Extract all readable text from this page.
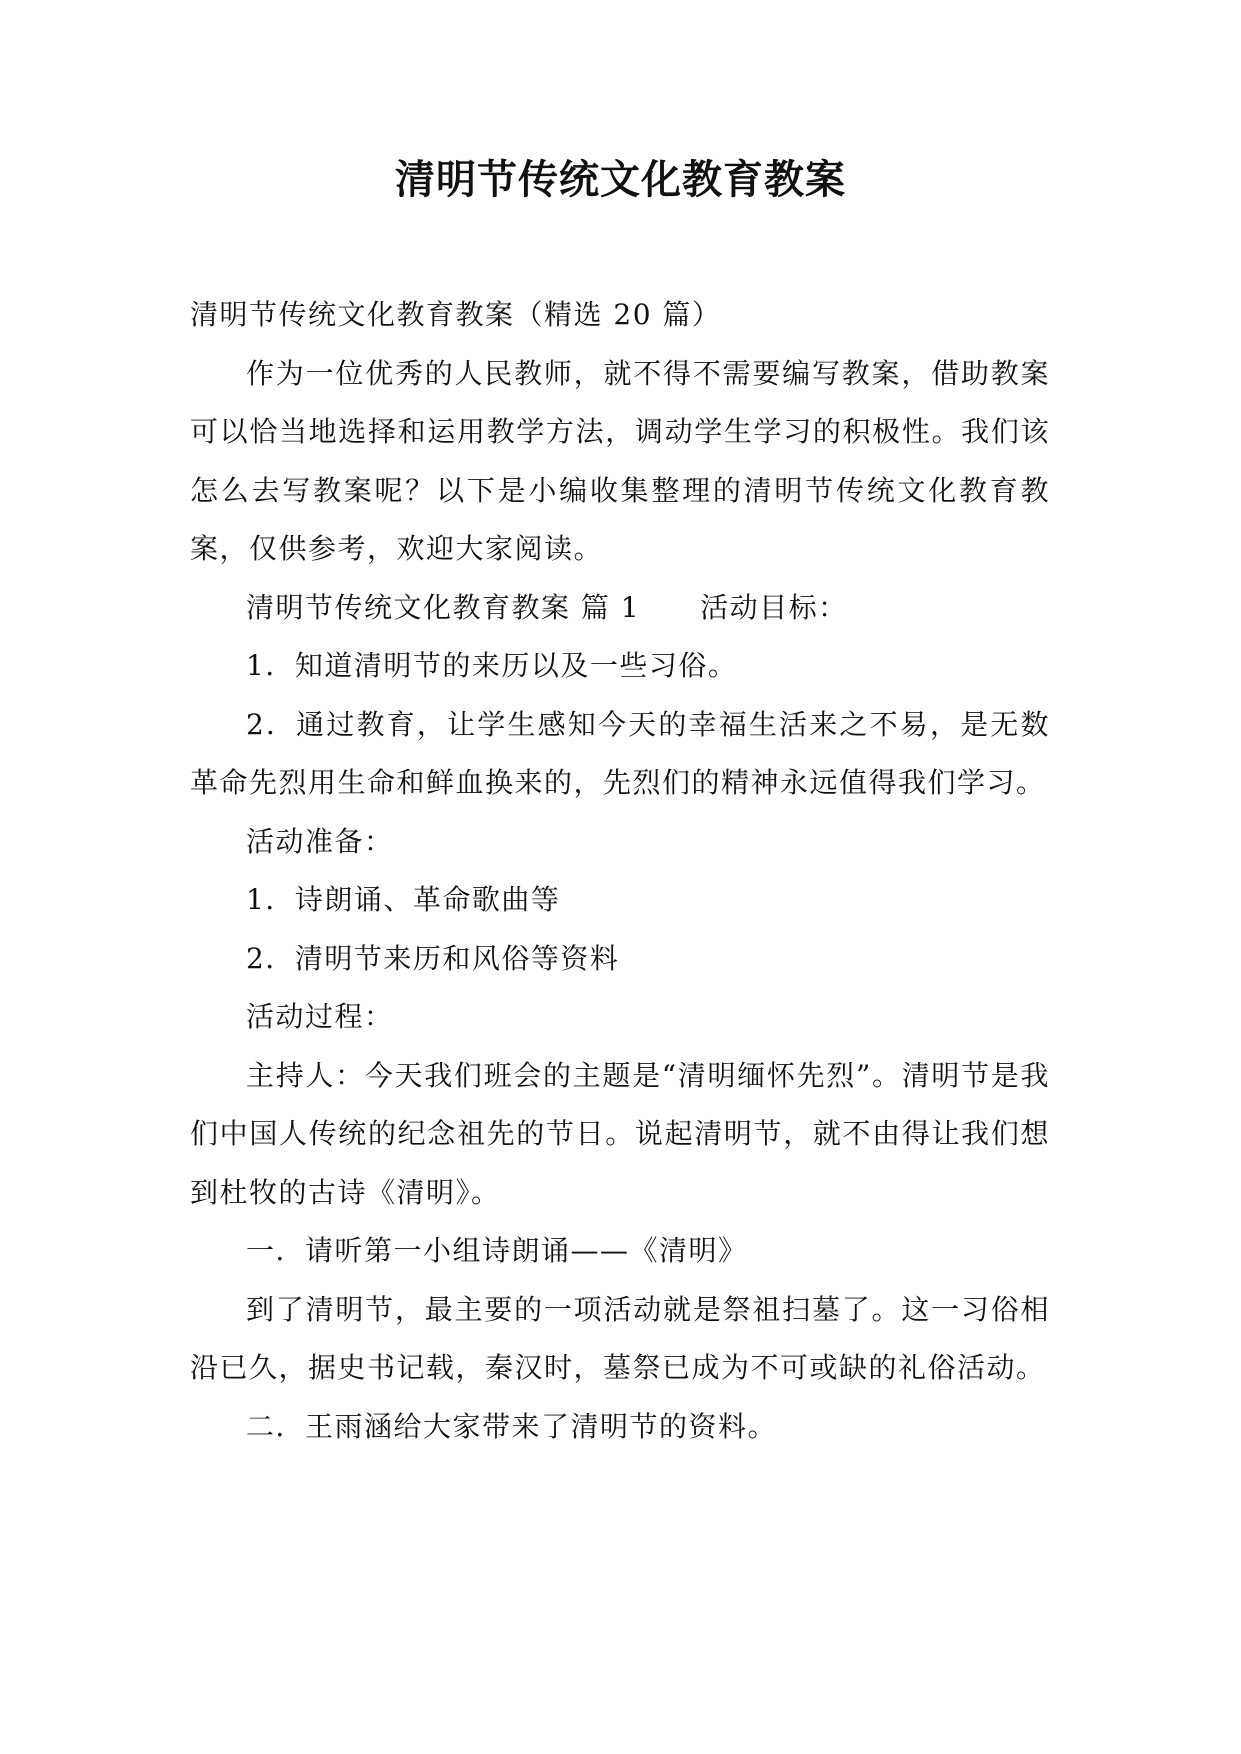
清明节传统文化教育教案

清明节传统文化教育教案（精选 20 篇）

作为一位优秀的人民教师，就不得不需要编写教案，借助教案可以恰当地选择和运用教学方法，调动学生学习的积极性。我们该怎么去写教案呢？以下是小编收集整理的清明节传统文化教育教案，仅供参考，欢迎大家阅读。

清明节传统文化教育教案 篇 1 活动目标：

1．知道清明节的来历以及一些习俗。

2．通过教育，让学生感知今天的幸福生活来之不易，是无数革命先烈用生命和鲜血换来的，先烈们的精神永远值得我们学习。

活动准备：

1．诗朗诵、革命歌曲等

2．清明节来历和风俗等资料

活动过程：

主持人：今天我们班会的主题是“清明缅怀先烈”。清明节是我们中国人传统的纪念祖先的节日。说起清明节，就不由得让我们想到杜牧的古诗《清明》。

一．请听第一小组诗朗诵——《清明》

到了清明节，最主要的一项活动就是祭祖扫墓了。这一习俗相沿已久，据史书记载，秦汉时，墓祭已成为不可或缺的礼俗活动。

二．王雨涵给大家带来了清明节的资料。
